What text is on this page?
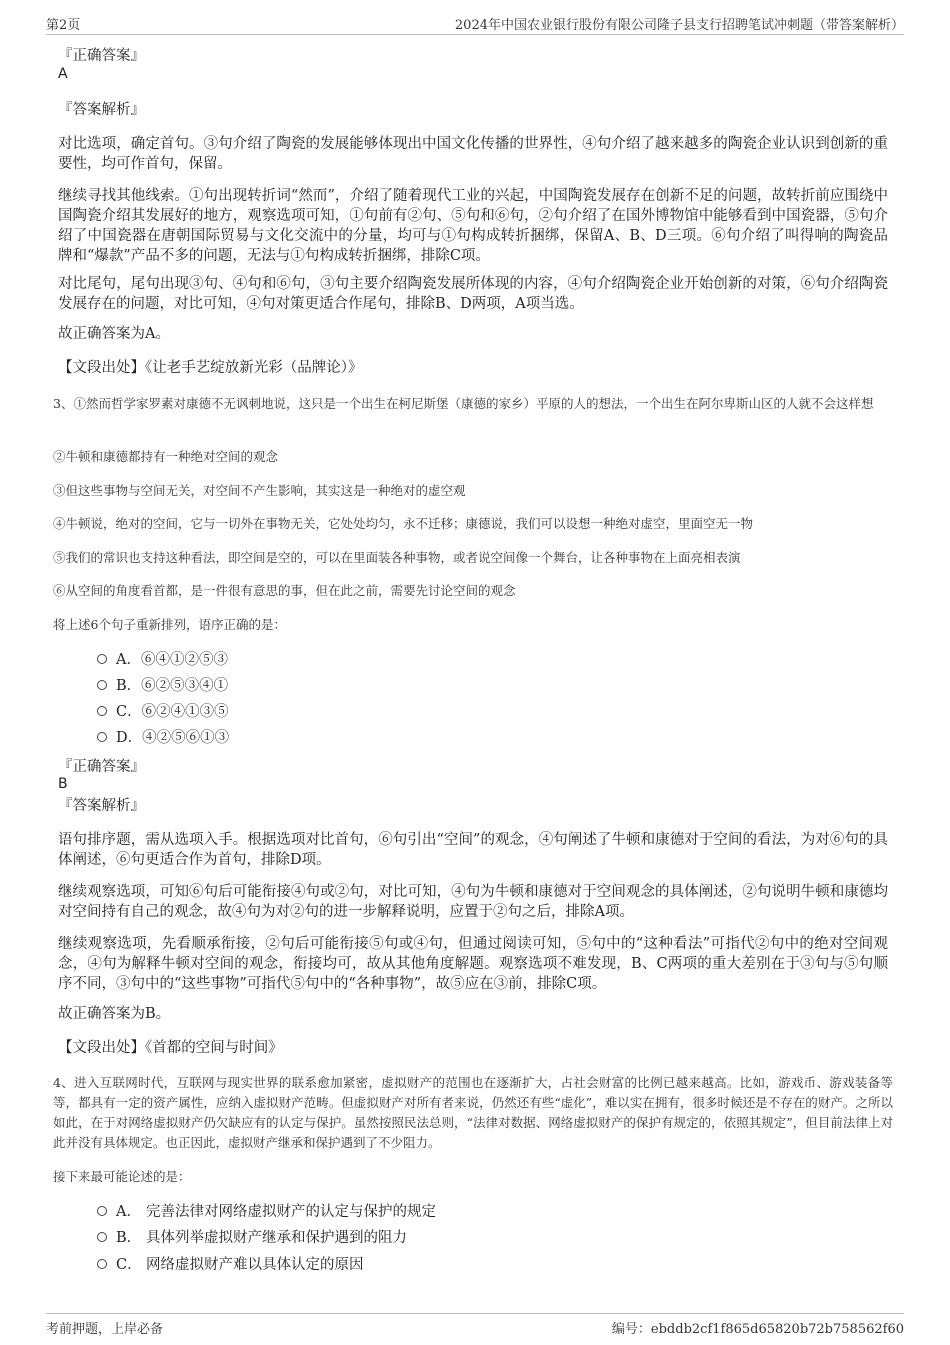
第2页	2024年中国农业银行股份有限公司隆子县支行招聘笔试冲刺题（带答案解析）
『正确答案』
A
『答案解析』
对比选项，确定首句。③句介绍了陶瓷的发展能够体现出中国文化传播的世界性，④句介绍了越来越多的陶瓷企业认识到创新的重要性，均可作首句，保留。
继续寻找其他线索。①句出现转折词“然而”，介绍了随着现代工业的兴起，中国陶瓷发展存在创新不足的问题，故转折前应围绕中国陶瓷介绍其发展好的地方，观察选项可知，①句前有②句、⑤句和⑥句，②句介绍了在国外博物馆中能够看到中国瓷器，⑤句介绍了中国瓷器在唐朝国际贸易与文化交流中的分量，均可与①句构成转折捆绑，保留A、B、D三项。⑥句介绍了叫得响的陶瓷品牌和“爆款”产品不多的问题，无法与①句构成转折捆绑，排除C项。
对比尾句，尾句出现③句、④句和⑥句，③句主要介绍陶瓷发展所体现的内容，④句介绍陶瓷企业开始创新的对策，⑥句介绍陶瓷发展存在的问题，对比可知，④句对策更适合作尾句，排除B、D两项，A项当选。
故正确答案为A。
【文段出处】《让老手艺绽放新光彩（品牌论）》
3、①然而哲学家罗素对康德不无讽刺地说，这只是一个出生在柯尼斯堡（康德的家乡）平原的人的想法，一个出生在阿尔卑斯山区的人就不会这样想
②牛顿和康德都持有一种绝对空间的观念
③但这些事物与空间无关，对空间不产生影响，其实这是一种绝对的虚空观
④牛顿说，绝对的空间，它与一切外在事物无关，它处处均匀，永不迁移；康德说，我们可以设想一种绝对虚空，里面空无一物
⑤我们的常识也支持这种看法，即空间是空的，可以在里面装各种事物，或者说空间像一个舞台，让各种事物在上面亮相表演
⑥从空间的角度看首都，是一件很有意思的事，但在此之前，需要先讨论空间的观念
将上述6个句子重新排列，语序正确的是：
A．⑥④①②⑤③
B．⑥②⑤③④①
C．⑥②④①③⑤
D．④②⑤⑥①③
『正确答案』
B
『答案解析』
语句排序题，需从选项入手。根据选项对比首句，⑥句引出“空间”的观念，④句阐述了牛顿和康德对于空间的看法，为对⑥句的具体阐述，⑥句更适合作为首句，排除D项。
继续观察选项，可知⑥句后可能衔接④句或②句，对比可知，④句为牛顿和康德对于空间观念的具体阐述，②句说明牛顿和康德均对空间持有自己的观念，故④句为对②句的进一步解释说明，应置于②句之后，排除A项。
继续观察选项，先看顺承衔接，②句后可能衔接⑤句或④句，但通过阅读可知，⑤句中的“这种看法”可指代②句中的绝对空间观念，④句为解释牛顿对空间的观念，衔接均可，故从其他角度解题。观察选项不难发现，B、C两项的重大差别在于③句与⑤句顺序不同，③句中的“这些事物”可指代⑤句中的“各种事物”，故⑤应在③前，排除C项。
故正确答案为B。
【文段出处】《首都的空间与时间》
4、进入互联网时代，互联网与现实世界的联系愈加紧密，虚拟财产的范围也在逐渐扩大，占社会财富的比例已越来越高。比如，游戏币、游戏装备等等，都具有一定的资产属性，应纳入虚拟财产范畴。但虚拟财产对所有者来说，仍然还有些“虚化”，难以实在拥有，很多时候还是不存在的财产。之所以如此，在于对网络虚拟财产仍欠缺应有的认定与保护。虽然按照民法总则，“法律对数据、网络虚拟财产的保护有规定的，依照其规定”，但目前法律上对此并没有具体规定。也正因此，虚拟财产继承和保护遇到了不少阻力。
接下来最可能论述的是：
A． 完善法律对网络虚拟财产的认定与保护的规定
B． 具体列举虚拟财产继承和保护遇到的阻力
C． 网络虚拟财产难以具体认定的原因
考前押题，上岸必备	编号：ebddb2cf1f865d65820b72b758562f60
